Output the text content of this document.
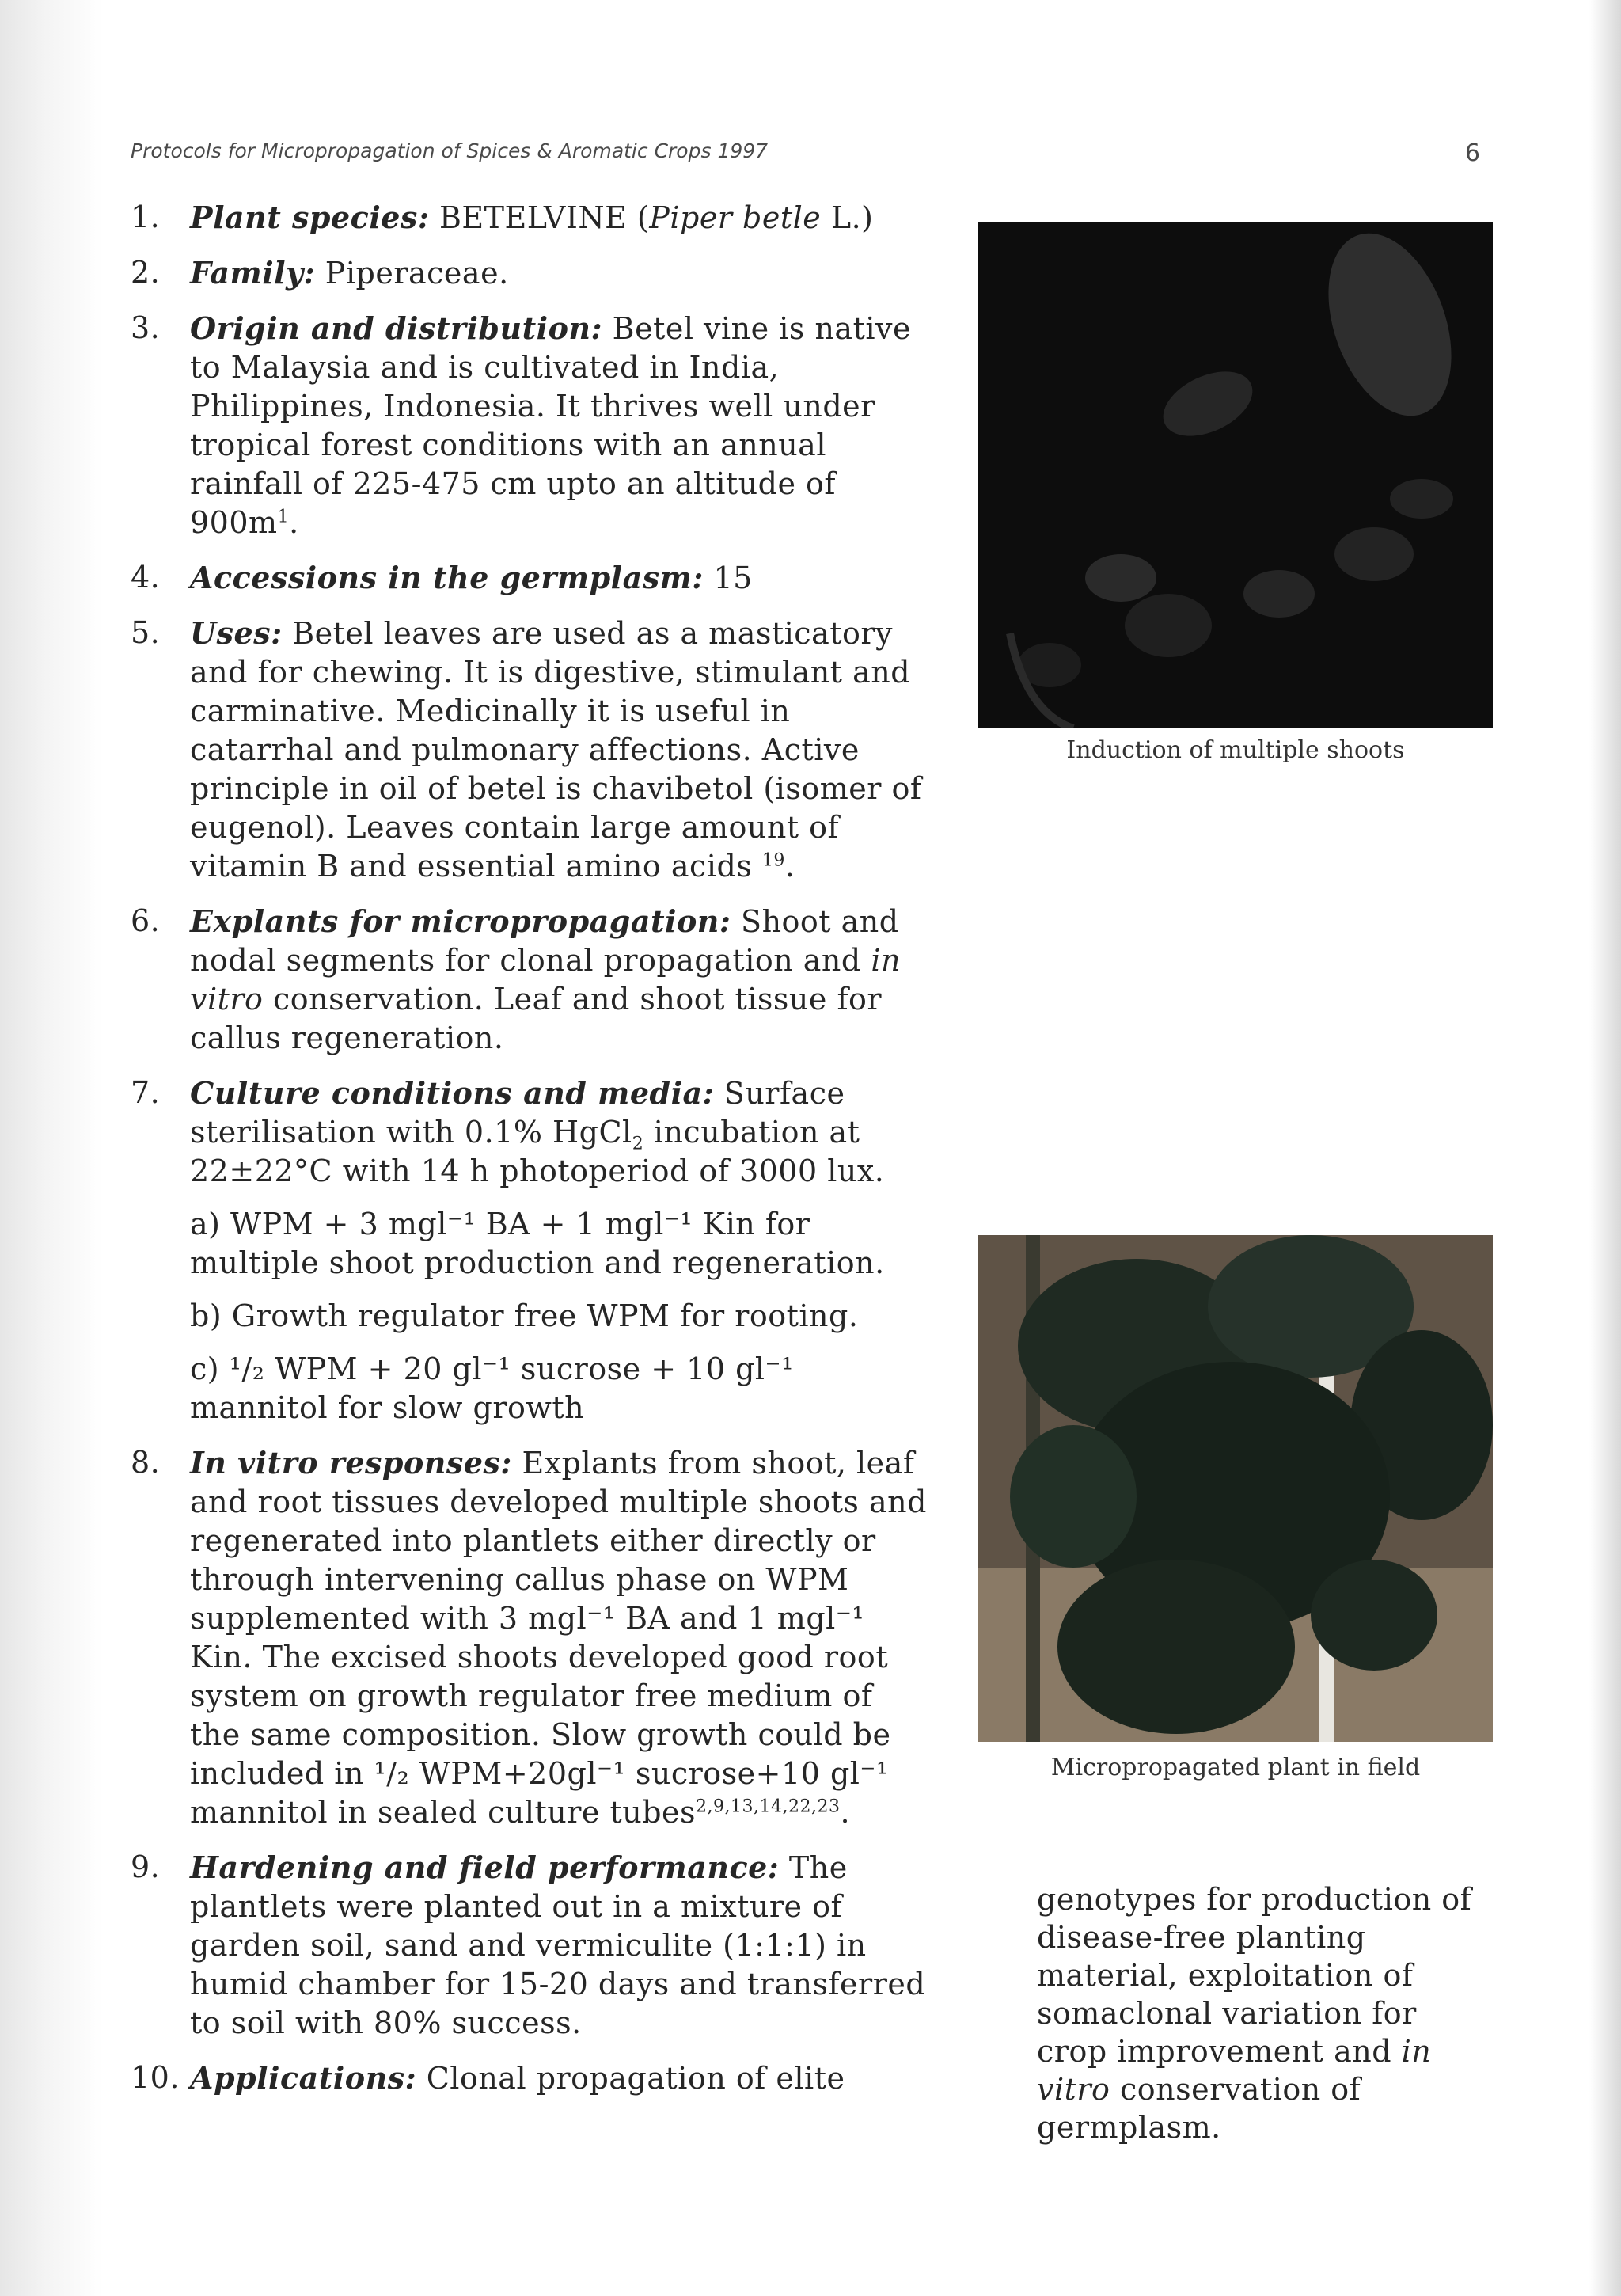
Protocols for Micropropagation of Spices & Aromatic Crops 1997	6
1. Plant species: BETELVINE (Piper betle L.)
2. Family: Piperaceae.
3. Origin and distribution: Betel vine is native to Malaysia and is cultivated in India, Philippines, Indonesia. It thrives well under tropical forest conditions with an annual rainfall of 225-475 cm upto an altitude of $900m^1$.
4. Accessions in the germplasm: 15
5. Uses: Betel leaves are used as a masticatory and for chewing. It is digestive, stimulant and carminative. Medicinally it is useful in catarrhal and pulmonary affections. Active principle in oil of betel is chavibetol (isomer of eugenol). Leaves contain large amount of vitamin B and essential amino acids $^{19}$.
6. Explants for micropropagation: Shoot and nodal segments for clonal propagation and in vitro conservation. Leaf and shoot tissue for callus regeneration.
7. Culture conditions and media: Surface sterilisation with 0.1% HgCl$_2$ incubation at 22±22°C with 14 h photoperiod of 3000 lux.
a) WPM + 3 mgl⁻¹ BA + 1 mgl⁻¹ Kin for multiple shoot production and regeneration.
b) Growth regulator free WPM for rooting.
c) ¹/₂ WPM + 20 gl⁻¹ sucrose + 10 gl⁻¹ mannitol for slow growth
8. In vitro responses: Explants from shoot, leaf and root tissues developed multiple shoots and regenerated into plantlets either directly or through intervening callus phase on WPM supplemented with 3 mgl⁻¹ BA and 1 mgl⁻¹ Kin. The excised shoots developed good root system on growth regulator free medium of the same composition. Slow growth could be included in ¹/₂ WPM+20gl⁻¹ sucrose+10 gl⁻¹ mannitol in sealed culture tubes$^{2,9,13,14,22,23}$.
9. Hardening and field performance: The plantlets were planted out in a mixture of garden soil, sand and vermiculite (1:1:1) in humid chamber for 15-20 days and transferred to soil with 80% success.
10. Applications: Clonal propagation of elite
Induction of multiple shoots
Micropropagated plant in field
genotypes for production of disease-free planting material, exploitation of somaclonal variation for crop improvement and in vitro conservation of germplasm.
